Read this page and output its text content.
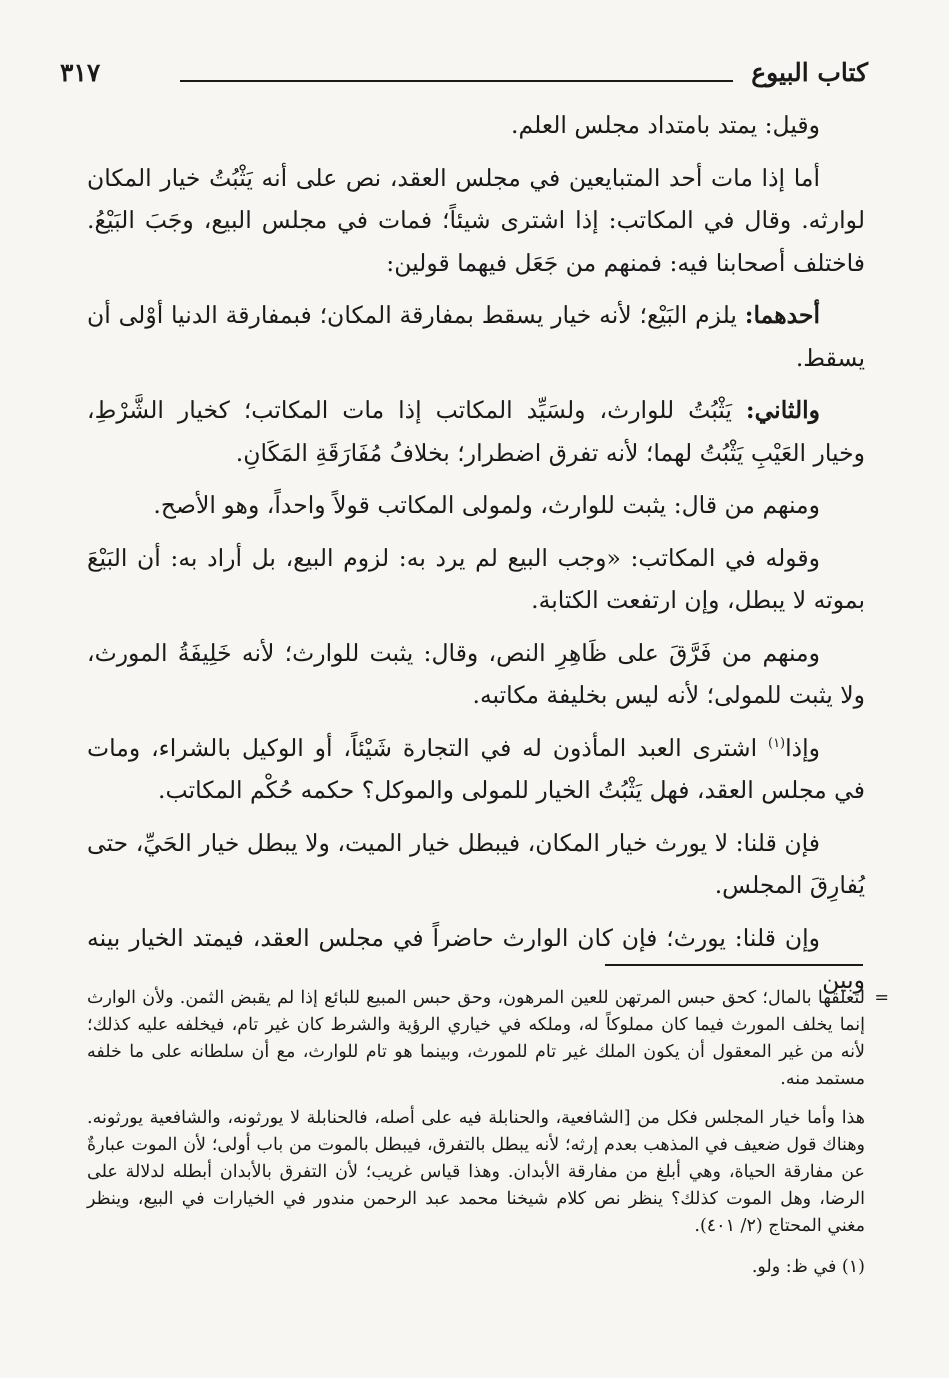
كتاب البيوع
٣١٧

وقيل: يمتد بامتداد مجلس العلم.

أما إذا مات أحد المتبايعين في مجلس العقد، نص على أنه يَثْبُتُ خيار المكان لوارثه. وقال في المكاتب: إذا اشترى شيئاً؛ فمات في مجلس البيع، وجَبَ البَيْعُ. فاختلف أصحابنا فيه: فمنهم من جَعَل فيهما قولين:

أحدهما: يلزم البَيْع؛ لأنه خيار يسقط بمفارقة المكان؛ فبمفارقة الدنيا أوْلى أن يسقط.

والثاني: يَثْبُتُ للوارث، ولسَيِّد المكاتب إذا مات المكاتب؛ كخيار الشَّرْطِ، وخيار العَيْبِ يَثْبُتُ لهما؛ لأنه تفرق اضطرار؛ بخلافُ مُفَارَقَةِ المَكَانِ.

ومنهم من قال: يثبت للوارث، ولمولى المكاتب قولاً واحداً، وهو الأصح.

وقوله في المكاتب: «وجب البيع لم يرد به: لزوم البيع، بل أراد به: أن البَيْعَ بموته لا يبطل، وإن ارتفعت الكتابة.

ومنهم من فَرَّقَ على ظَاهِرِ النص، وقال: يثبت للوارث؛ لأنه خَلِيفَةُ المورث، ولا يثبت للمولى؛ لأنه ليس بخليفة مكاتبه.

وإذا$^{(١)}$ اشترى العبد المأذون له في التجارة شَيْئاً، أو الوكيل بالشراء، ومات في مجلس العقد، فهل يَثْبُتُ الخيار للمولى والموكل؟ حكمه حُكْم المكاتب.

فإن قلنا: لا يورث خيار المكان، فيبطل خيار الميت، ولا يبطل خيار الحَيِّ، حتى يُفارِقَ المجلس.

وإن قلنا: يورث؛ فإن كان الوارث حاضراً في مجلس العقد، فيمتد الخيار بينه وبين

=
لتعلقها بالمال؛ كحق حبس المرتهن للعين المرهون، وحق حبس المبيع للبائع إذا لم يقبض الثمن. ولأن الوارث إنما يخلف المورث فيما كان مملوكاً له، وملكه في خياري الرؤية والشرط كان غير تام، فيخلفه عليه كذلك؛ لأنه من غير المعقول أن يكون الملك غير تام للمورث، وبينما هو تام للوارث، مع أن سلطانه على ما خلفه مستمد منه.

هذا وأما خيار المجلس فكل من [الشافعية، والحنابلة فيه على أصله، فالحنابلة لا يورثونه، والشافعية يورثونه. وهناك قول ضعيف في المذهب بعدم إرثه؛ لأنه يبطل بالتفرق، فيبطل بالموت من باب أولى؛ لأن الموت عبارةٌ عن مفارقة الحياة، وهي أبلغ من مفارقة الأبدان. وهذا قياس غريب؛ لأن التفرق بالأبدان أبطله لدلالة على الرضا، وهل الموت كذلك؟ ينظر نص كلام شيخنا محمد عبد الرحمن مندور في الخيارات في البيع، وينظر مغني المحتاج (٢/ ٤٠١).

(١) في ظ: ولو.
